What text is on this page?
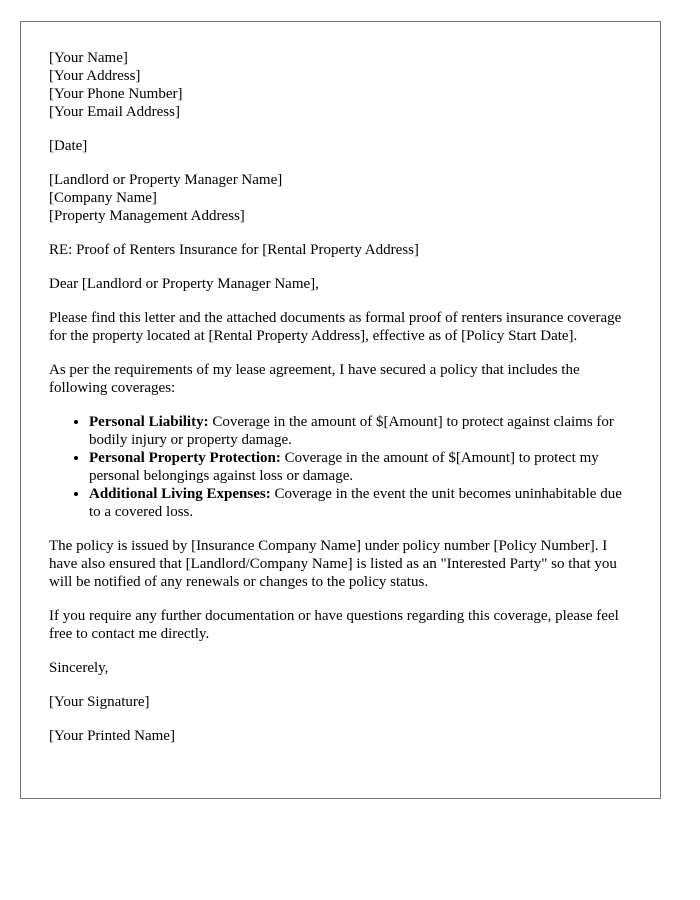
[Your Name]
[Your Address]
[Your Phone Number]
[Your Email Address]

[Date]

[Landlord or Property Manager Name]
[Company Name]
[Property Management Address]

RE: Proof of Renters Insurance for [Rental Property Address]

Dear [Landlord or Property Manager Name],

Please find this letter and the attached documents as formal proof of renters insurance coverage for the property located at [Rental Property Address], effective as of [Policy Start Date].

As per the requirements of my lease agreement, I have secured a policy that includes the following coverages:

• Personal Liability: Coverage in the amount of $[Amount] to protect against claims for bodily injury or property damage.
• Personal Property Protection: Coverage in the amount of $[Amount] to protect my personal belongings against loss or damage.
• Additional Living Expenses: Coverage in the event the unit becomes uninhabitable due to a covered loss.

The policy is issued by [Insurance Company Name] under policy number [Policy Number]. I have also ensured that [Landlord/Company Name] is listed as an "Interested Party" so that you will be notified of any renewals or changes to the policy status.

If you require any further documentation or have questions regarding this coverage, please feel free to contact me directly.

Sincerely,

[Your Signature]

[Your Printed Name]
